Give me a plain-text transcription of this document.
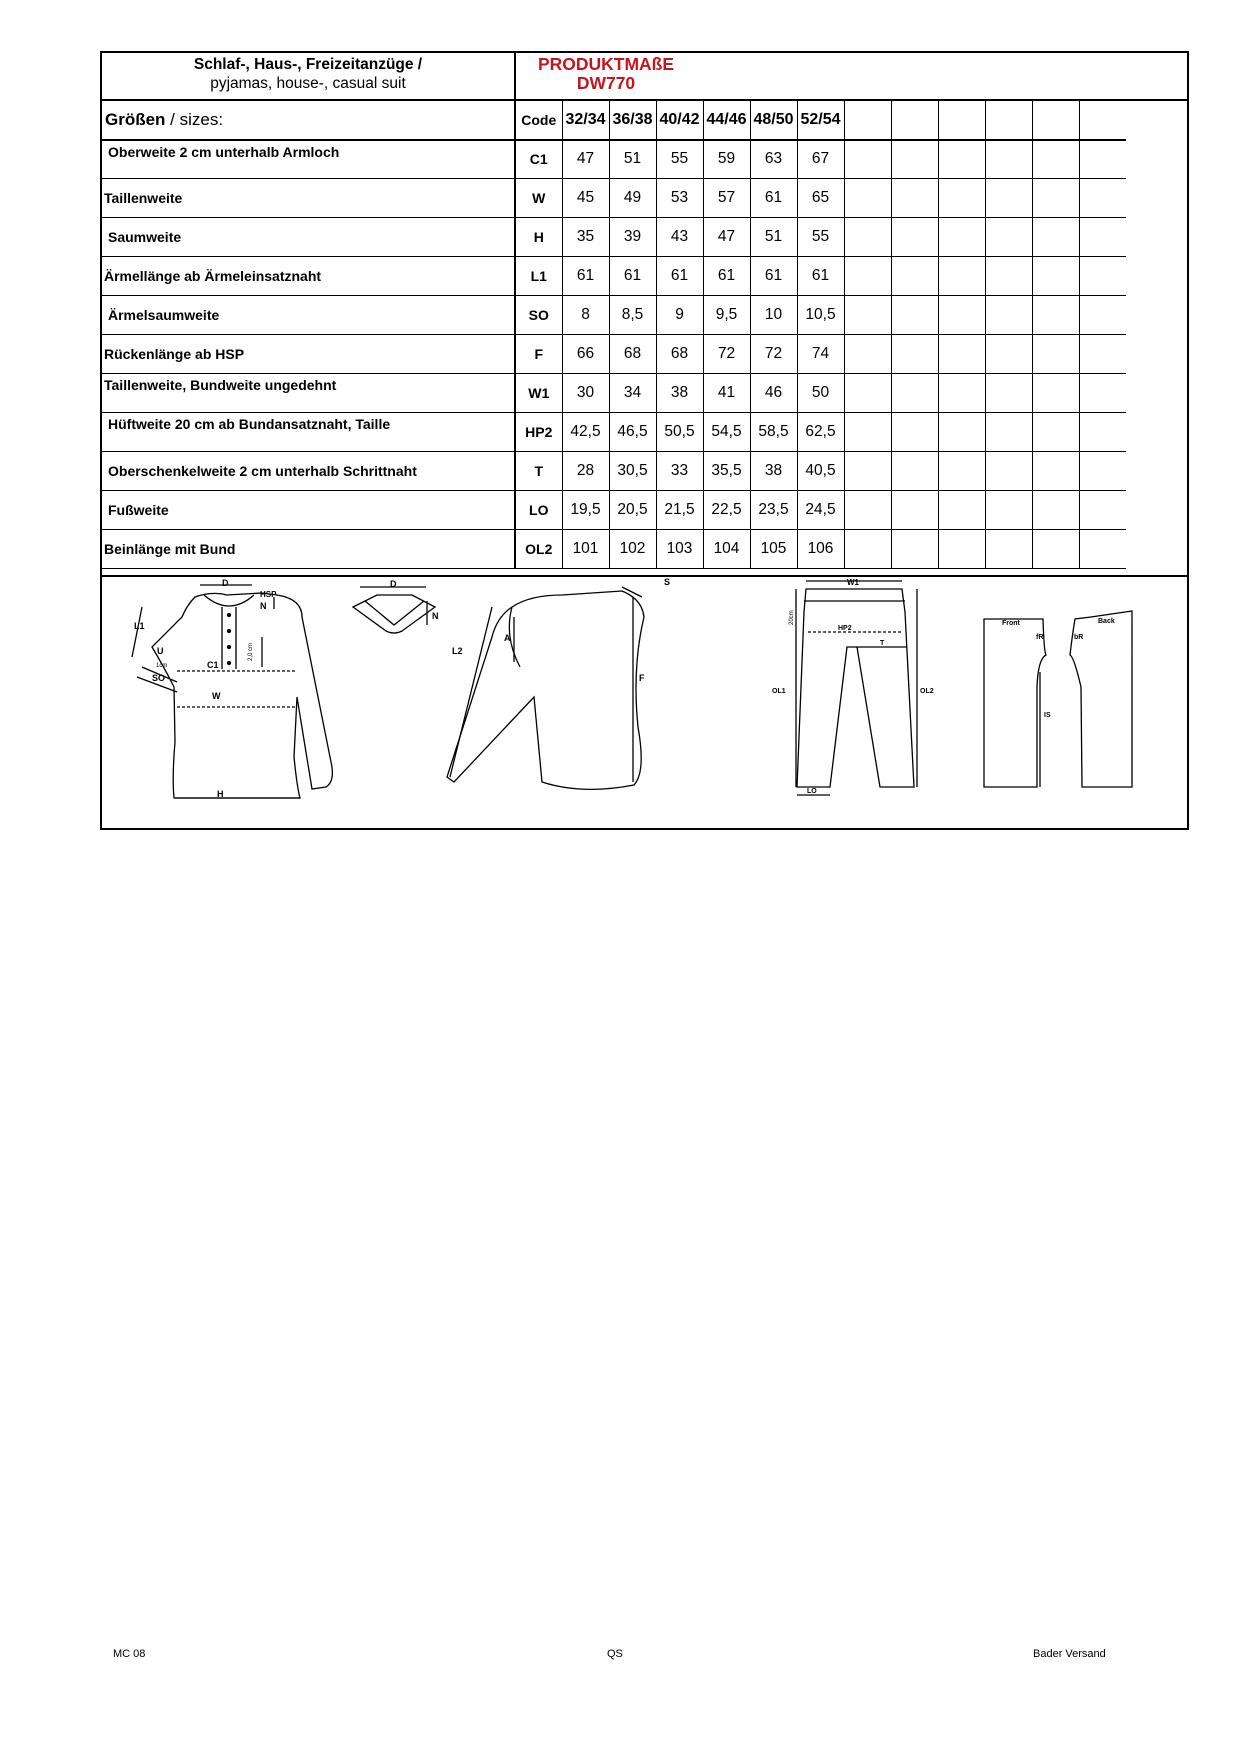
Schlaf-, Haus-, Freizeitanzüge /
pyjamas, house-, casual suit
PRODUKTMAßE
DW770
Größen / sizes:	Code	32/34	36/38	40/42	44/46	48/50	52/54						
Oberweite 2 cm unterhalb Armloch	C1	47	51	55	59	63	67						
Taillenweite	W	45	49	53	57	61	65						
Saumweite	H	35	39	43	47	51	55						
Ärmellänge ab Ärmeleinsatznaht	L1	61	61	61	61	61	61						
Ärmelsaumweite	SO	8	8,5	9	9,5	10	10,5						
Rückenlänge ab HSP	F	66	68	68	72	72	74						
Taillenweite, Bundweite ungedehnt	W1	30	34	38	41	46	50						
Hüftweite 20 cm ab Bundansatznaht, Taille	HP2	42,5	46,5	50,5	54,5	58,5	62,5						
Oberschenkelweite 2 cm unterhalb Schrittnaht	T	28	30,5	33	35,5	38	40,5						
Fußweite	LO	19,5	20,5	21,5	22,5	23,5	24,5						
Beinlänge mit Bund	OL2	101	102	103	104	105	106						
D
HSP
N
L1
U
1cm	C1
SO
W
H
2,0 cm
D
N
L2
A
S
F
W1
20cm
HP2
T
OL1	OL2
LO
Front	Back
fR	bR
IS
MC 08	QS	Bader Versand
